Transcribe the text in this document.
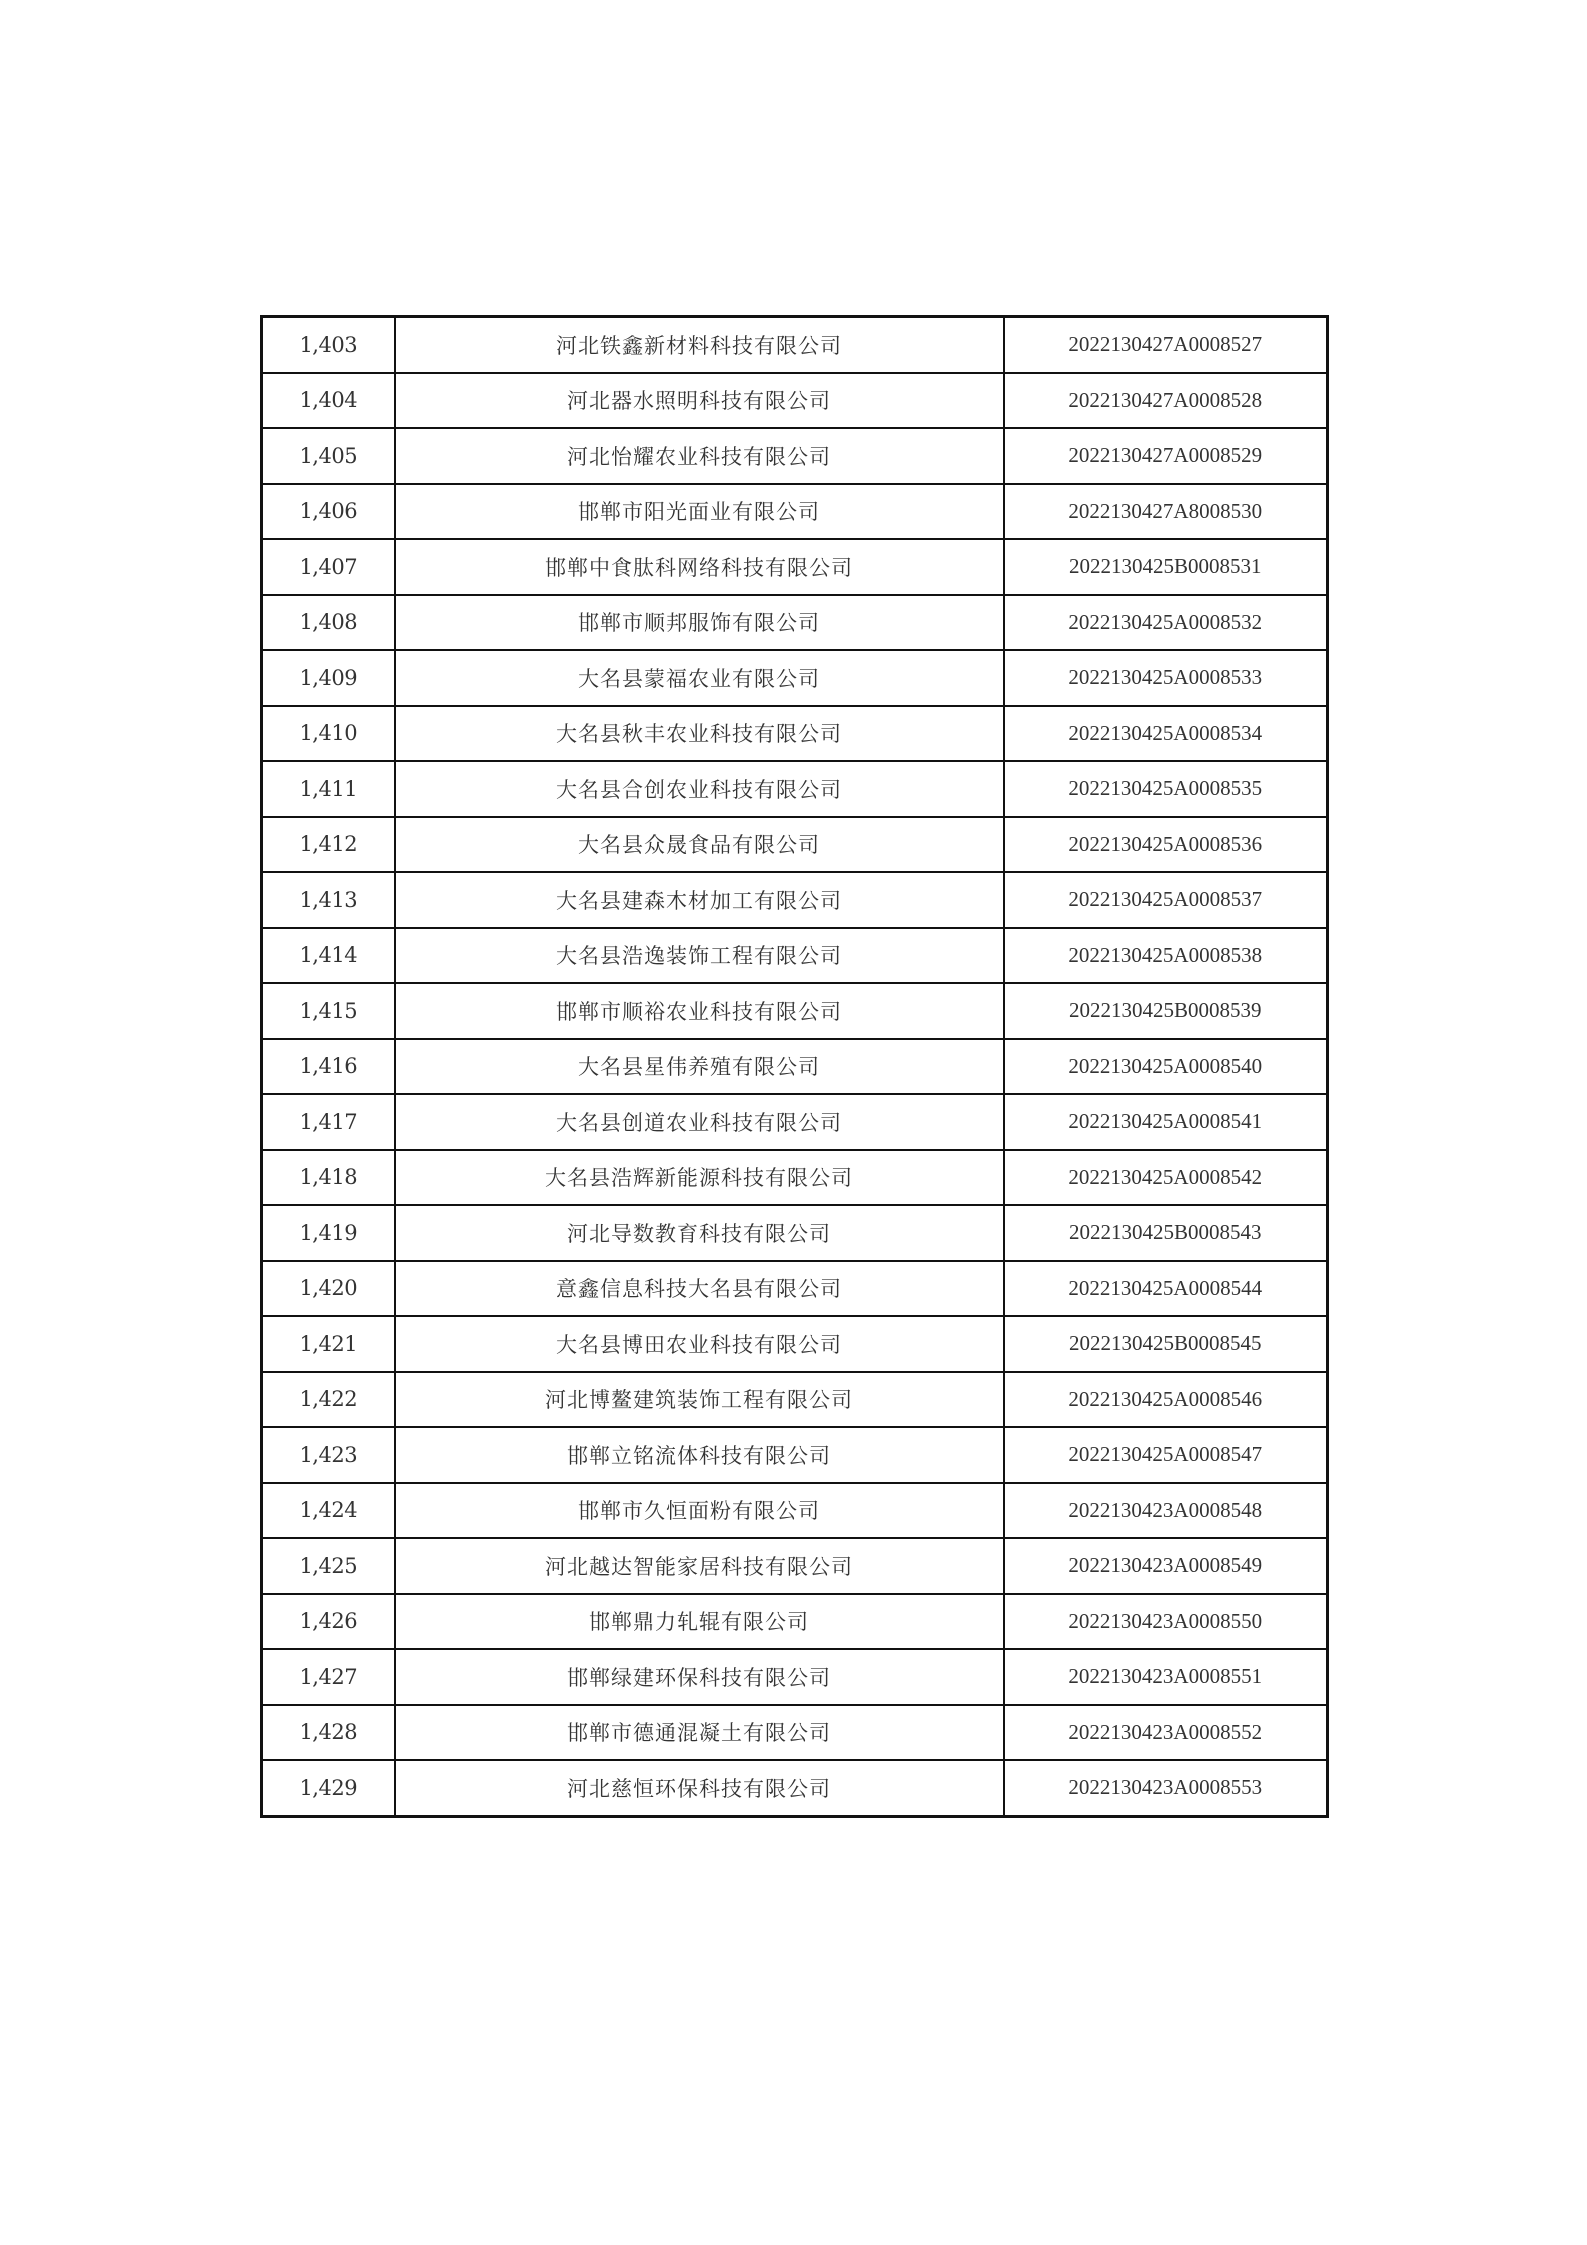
1,403	河北铁鑫新材料科技有限公司	2022130427A0008527
1,404	河北器水照明科技有限公司	2022130427A0008528
1,405	河北怡耀农业科技有限公司	2022130427A0008529
1,406	邯郸市阳光面业有限公司	2022130427A8008530
1,407	邯郸中食肽科网络科技有限公司	2022130425B0008531
1,408	邯郸市顺邦服饰有限公司	2022130425A0008532
1,409	大名县蒙福农业有限公司	2022130425A0008533
1,410	大名县秋丰农业科技有限公司	2022130425A0008534
1,411	大名县合创农业科技有限公司	2022130425A0008535
1,412	大名县众晟食品有限公司	2022130425A0008536
1,413	大名县建森木材加工有限公司	2022130425A0008537
1,414	大名县浩逸装饰工程有限公司	2022130425A0008538
1,415	邯郸市顺裕农业科技有限公司	2022130425B0008539
1,416	大名县星伟养殖有限公司	2022130425A0008540
1,417	大名县创道农业科技有限公司	2022130425A0008541
1,418	大名县浩辉新能源科技有限公司	2022130425A0008542
1,419	河北导数教育科技有限公司	2022130425B0008543
1,420	意鑫信息科技大名县有限公司	2022130425A0008544
1,421	大名县博田农业科技有限公司	2022130425B0008545
1,422	河北博鳌建筑装饰工程有限公司	2022130425A0008546
1,423	邯郸立铭流体科技有限公司	2022130425A0008547
1,424	邯郸市久恒面粉有限公司	2022130423A0008548
1,425	河北越达智能家居科技有限公司	2022130423A0008549
1,426	邯郸鼎力轧辊有限公司	2022130423A0008550
1,427	邯郸绿建环保科技有限公司	2022130423A0008551
1,428	邯郸市德通混凝土有限公司	2022130423A0008552
1,429	河北慈恒环保科技有限公司	2022130423A0008553
